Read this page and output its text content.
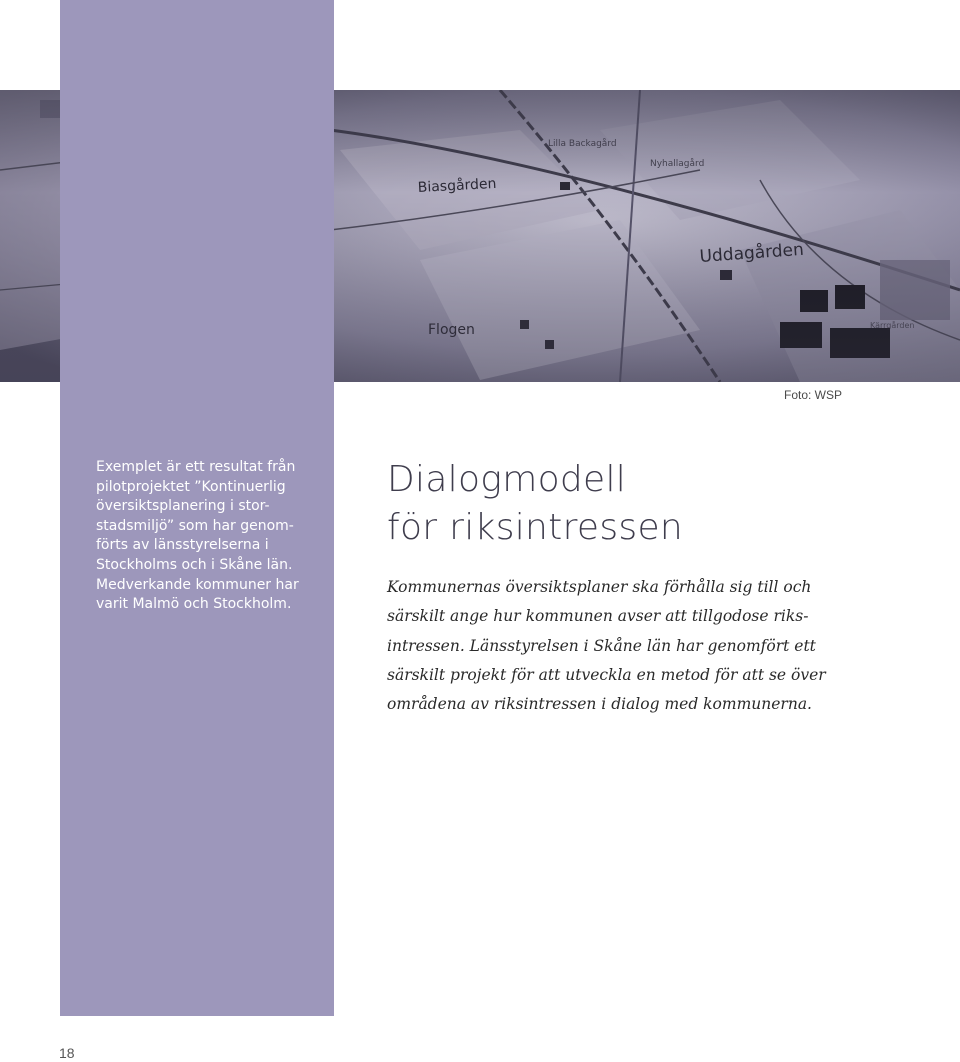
Exemplet är ett resultat från
pilotprojektet ”Kontinuerlig
översiktsplanering i stor-
stadsmiljö” som har genom-
förts av länsstyrelserna i
Stockholms och i Skåne län.
Medverkande kommuner har
varit Malmö och Stockholm.

Foto: WSP
Dialogmodell
för riksintressen

Kommunernas översiktsplaner ska förhålla sig till och
särskilt ange hur kommunen avser att tillgodose riks-
intressen. Länsstyrelsen i Skåne län har genomfört ett
särskilt projekt för att utveckla en metod för att se över
områdena av riksintressen i dialog med kommunerna.

18
